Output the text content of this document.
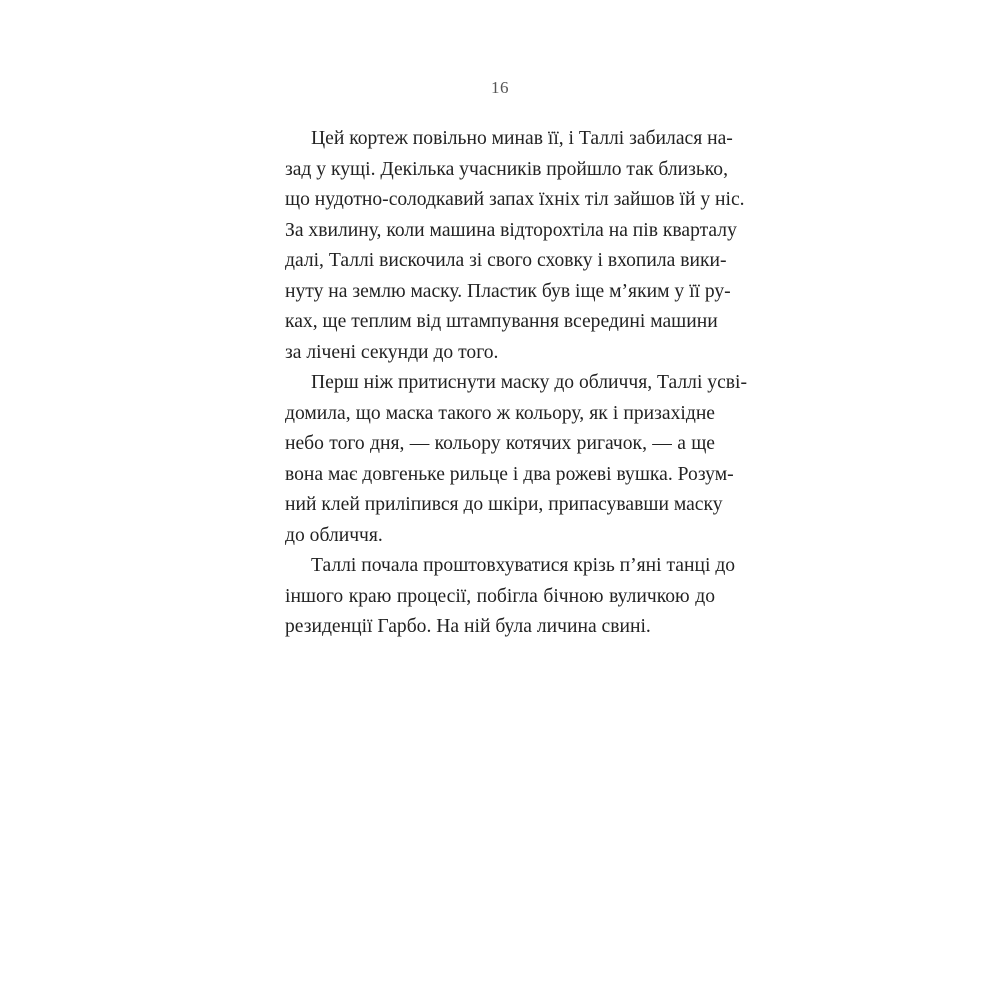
16

Цей кортеж повільно минав її, і Таллі забилася на-
зад у кущі. Декілька учасників пройшло так близько,
що нудотно-солодкавий запах їхніх тіл зайшов їй у ніс.
За хвилину, коли машина відторохтіла на пів кварталу
далі, Таллі вискочила зі свого сховку і вхопила вики-
нуту на землю маску. Пластик був іще м’яким у її ру-
ках, ще теплим від штампування всередині машини
за лічені секунди до того.

Перш ніж притиснути маску до обличчя, Таллі усві-
домила, що маска такого ж кольору, як і призахідне
небо того дня, — кольору котячих ригачок, — а ще
вона має довгеньке рильце і два рожеві вушка. Розум-
ний клей приліпився до шкіри, припасувавши маску
до обличчя.

Таллі почала проштовхуватися крізь п’яні танці до
іншого краю процесії, побігла бічною вуличкою до
резиденції Гарбо. На ній була личина свині.
